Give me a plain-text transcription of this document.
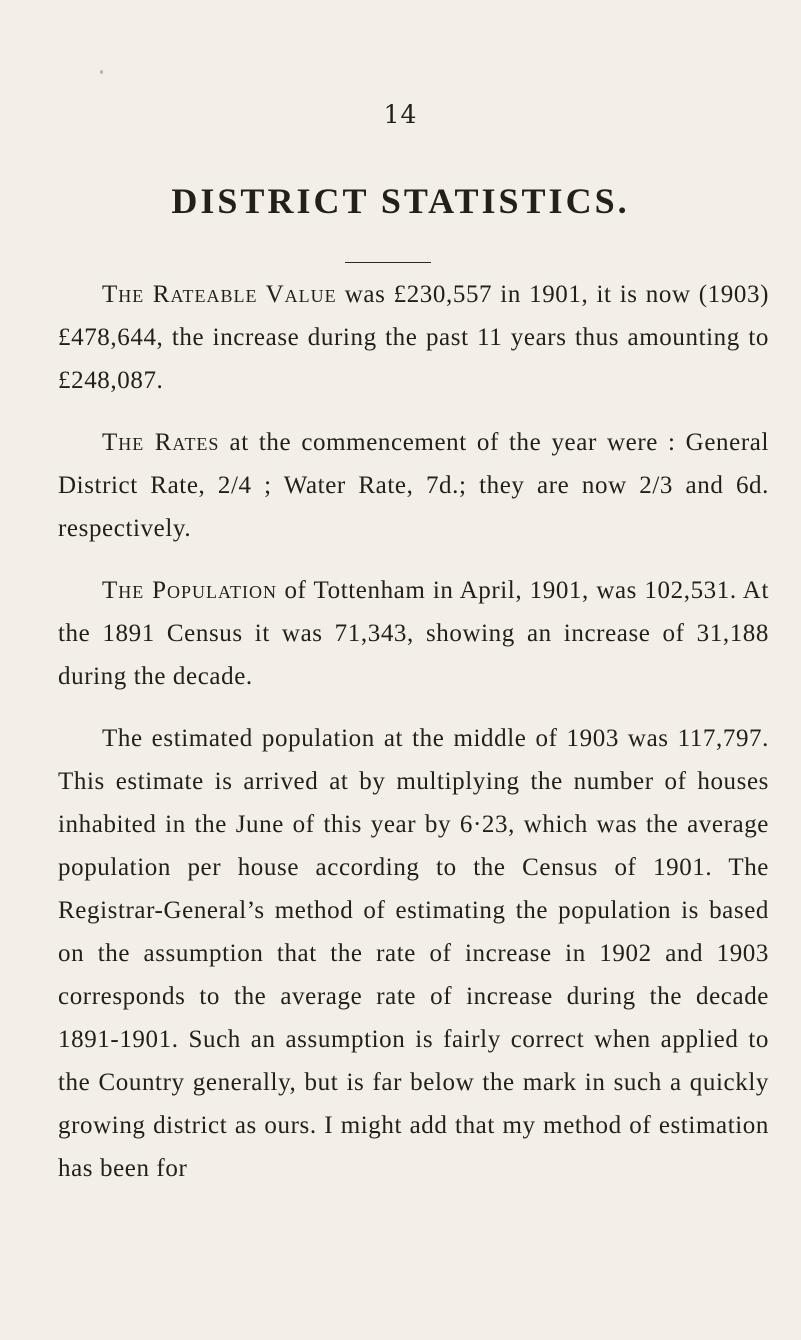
14
DISTRICT STATISTICS.

The Rateable Value was £230,557 in 1901, it is now (1903) £478,644, the increase during the past 11 years thus amounting to £248,087.

The Rates at the commencement of the year were : General District Rate, 2/4 ; Water Rate, 7d.; they are now 2/3 and 6d. respectively.

The Population of Tottenham in April, 1901, was 102,531. At the 1891 Census it was 71,343, showing an increase of 31,188 during the decade.

The estimated population at the middle of 1903 was 117,797. This estimate is arrived at by multiplying the number of houses inhabited in the June of this year by 6·23, which was the average population per house according to the Census of 1901. The Registrar-General’s method of estimating the population is based on the assumption that the rate of increase in 1902 and 1903 corresponds to the average rate of increase during the decade 1891-1901. Such an assumption is fairly correct when applied to the Country generally, but is far below the mark in such a quickly growing district as ours. I might add that my method of estimation has been for
